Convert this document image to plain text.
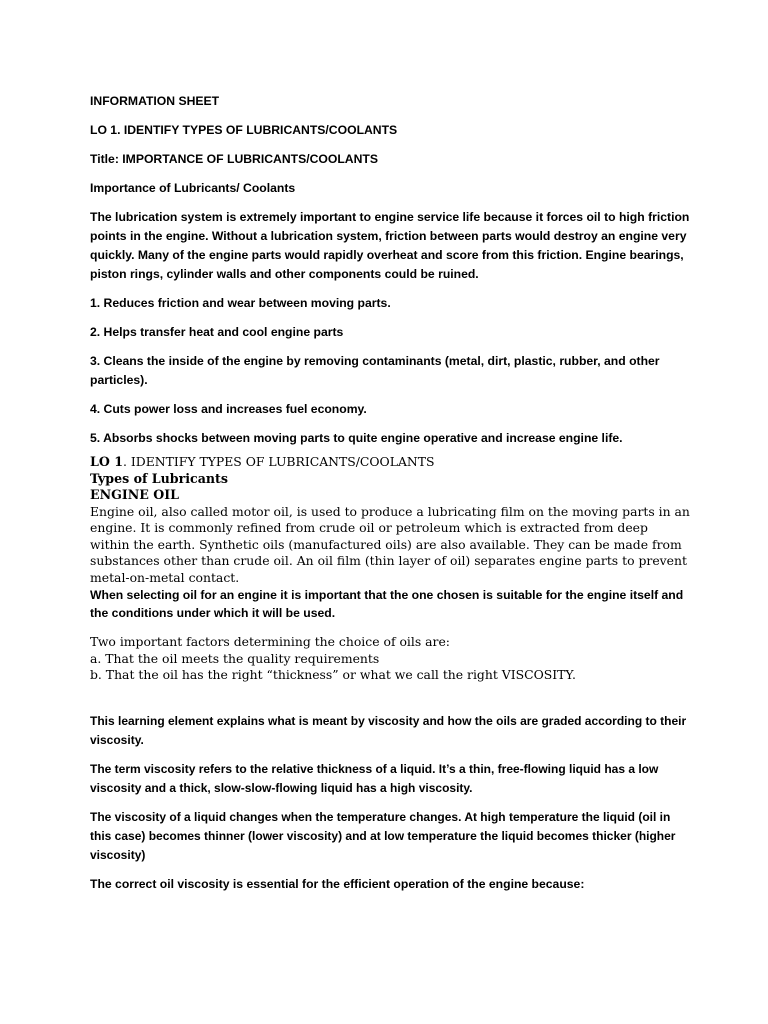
INFORMATION SHEET

LO 1. IDENTIFY TYPES OF LUBRICANTS/COOLANTS

Title: IMPORTANCE OF LUBRICANTS/COOLANTS

Importance of Lubricants/ Coolants

The lubrication system is extremely important to engine service life because it forces oil to high friction points in the engine. Without a lubrication system, friction between parts would destroy an engine very quickly. Many of the engine parts would rapidly overheat and score from this friction. Engine bearings, piston rings, cylinder walls and other components could be ruined.

1. Reduces friction and wear between moving parts.

2. Helps transfer heat and cool engine parts

3. Cleans the inside of the engine by removing contaminants (metal, dirt, plastic, rubber, and other particles).

4. Cuts power loss and increases fuel economy.

5. Absorbs shocks between moving parts to quite engine operative and increase engine life.

LO 1. IDENTIFY TYPES OF LUBRICANTS/COOLANTS

Types of Lubricants

ENGINE OIL

Engine oil, also called motor oil, is used to produce a lubricating film on the moving parts in an engine. It is commonly refined from crude oil or petroleum which is extracted from deep within the earth. Synthetic oils (manufactured oils) are also available. They can be made from substances other than crude oil. An oil film (thin layer of oil) separates engine parts to prevent metal-on-metal contact.

When selecting oil for an engine it is important that the one chosen is suitable for the engine itself and the conditions under which it will be used.

Two important factors determining the choice of oils are:

a. That the oil meets the quality requirements

b. That the oil has the right “thickness” or what we call the right VISCOSITY.

This learning element explains what is meant by viscosity and how the oils are graded according to their viscosity.

The term viscosity refers to the relative thickness of a liquid. It’s a thin, free-flowing liquid has a low viscosity and a thick, slow-slow-flowing liquid has a high viscosity.

The viscosity of a liquid changes when the temperature changes. At high temperature the liquid (oil in this case) becomes thinner (lower viscosity) and at low temperature the liquid becomes thicker (higher viscosity)

The correct oil viscosity is essential for the efficient operation of the engine because:
